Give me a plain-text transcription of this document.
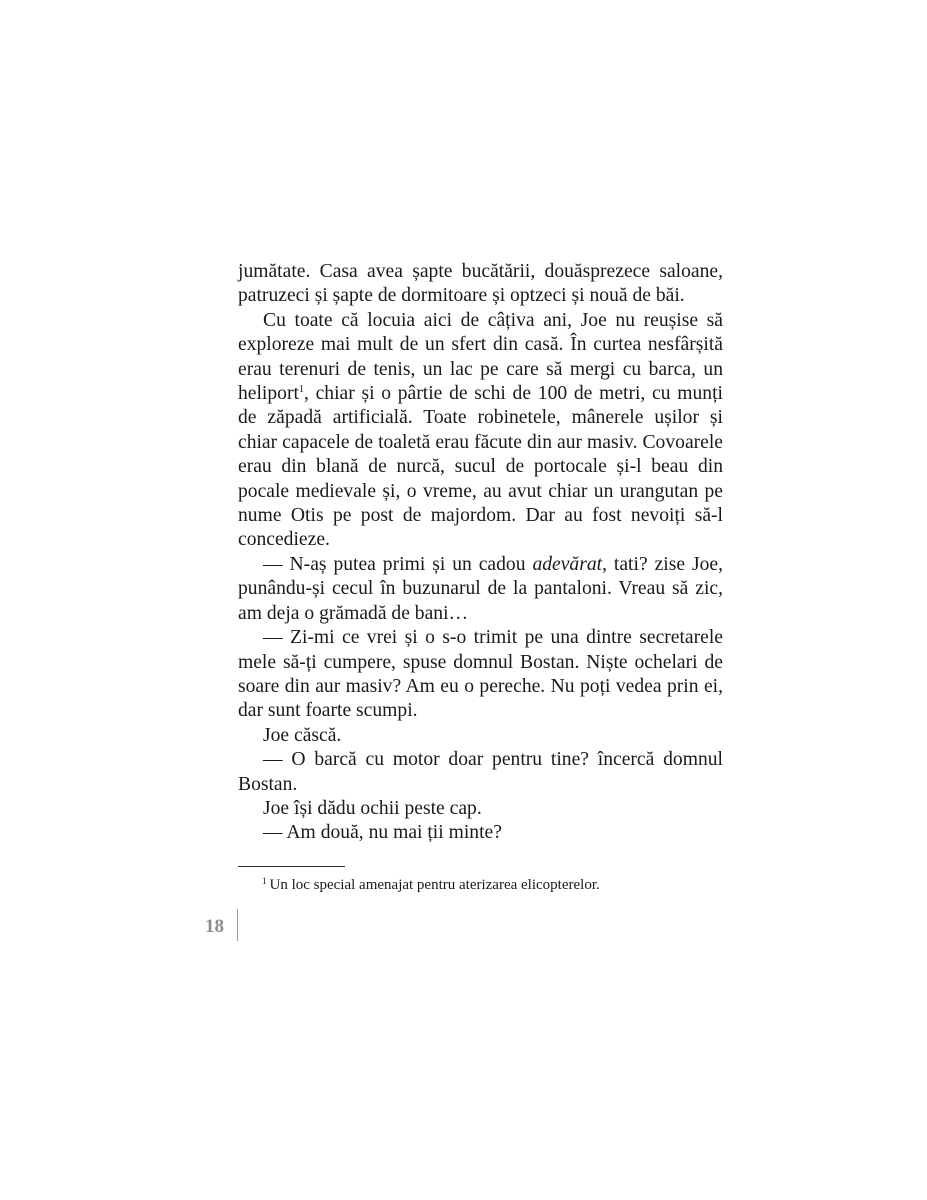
jumătate. Casa avea șapte bucătării, douăsprezece saloane, patruzeci și șapte de dormitoare și optzeci și nouă de băi.

Cu toate că locuia aici de câțiva ani, Joe nu reușise să exploreze mai mult de un sfert din casă. În curtea nesfârșită erau terenuri de tenis, un lac pe care să mergi cu barca, un heliport$^1$, chiar și o pârtie de schi de 100 de metri, cu munți de zăpadă artificială. Toate robinetele, mânerele ușilor și chiar capacele de toaletă erau făcute din aur masiv. Covoarele erau din blană de nurcă, sucul de portocale și-l beau din pocale medievale și, o vreme, au avut chiar un urangutan pe nume Otis pe post de majordom. Dar au fost nevoiți să-l concedieze.

— N-aș putea primi și un cadou adevărat, tati? zise Joe, punându-și cecul în buzunarul de la pantaloni. Vreau să zic, am deja o grămadă de bani…

— Zi-mi ce vrei și o s-o trimit pe una dintre secretarele mele să-ți cumpere, spuse domnul Bostan. Niște ochelari de soare din aur masiv? Am eu o pereche. Nu poți vedea prin ei, dar sunt foarte scumpi.

Joe căscă.

— O barcă cu motor doar pentru tine? încercă domnul Bostan.

Joe își dădu ochii peste cap.

— Am două, nu mai ții minte?

$^1$ Un loc special amenajat pentru aterizarea elicopterelor.
18
